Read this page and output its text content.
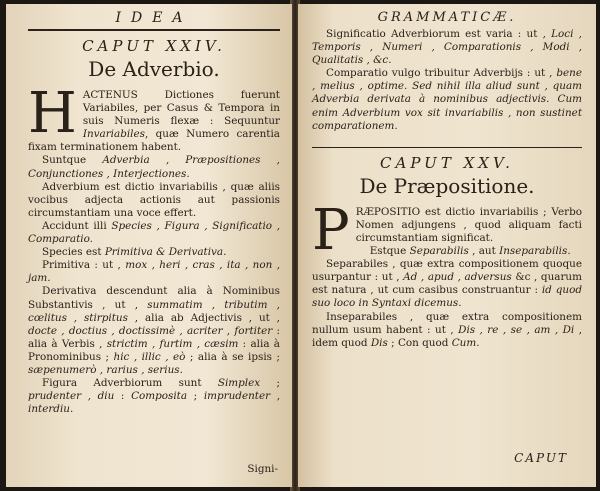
IDEA
CAPUT XXIV.
De Adverbio.

HACTENUS Dictiones fuerunt Variabiles, per Casus & Tempora in suis Numeris flexæ : Sequuntur Invariabiles, quæ Numero carentia fixam terminationem habent.

Suntque Adverbia , Præpositiones , Conjunctiones , Interjectiones.

Adverbium est dictio invariabilis , quæ aliis vocibus adjecta actionis aut passionis circumstantiam una voce effert.

Accidunt illi Species , Figura , Significatio , Comparatio.

Species est Primitiva & Derivativa.

Primitiva : ut , mox , heri , cras , ita , non , jam.

Derivativa descendunt alia à Nominibus Substantivis , ut , summatim , tributim , cœlitus , stirpitus , alia ab Adjectivis , ut , docte , doctius , doctissimè , acriter , fortiter : alia à Verbis , strictim , furtim , cæsim : alia à Pronominibus ; hic , illic , eò ; alia à se ipsis ; sæpenumerò , rarius , serius.

Figura Adverbiorum sunt Simplex ; prudenter , diu : Composita ; imprudenter , interdiu.

Signi-
GRAMMATICÆ.

Significatio Adverbiorum est varia : ut , Loci , Temporis , Numeri , Comparationis , Modi , Qualitatis , &c.

Comparatio vulgo tribuitur Adverbijs : ut , bene , melius , optime. Sed nihil illa aliud sunt , quam Adverbia derivata à nominibus adjectivis. Cum enim Adverbium vox sit invariabilis , non sustinet comparationem.

CAPUT XXV.
De Præpositione.

PRÆPOSITIO est dictio invariabilis ; Verbo Nomen adjungens , quod aliquam facti circumstantiam significat.

Estque Separabilis , aut Inseparabilis.

Separabiles , quæ extra compositionem quoque usurpantur : ut , Ad , apud , adversus &c , quarum est natura , ut cum casibus construantur : id quod suo loco in Syntaxi dicemus.

Inseparabiles , quæ extra compositionem nullum usum habent : ut , Dis , re , se , am , Di , idem quod Dis ; Con quod Cum.

CAPUT
